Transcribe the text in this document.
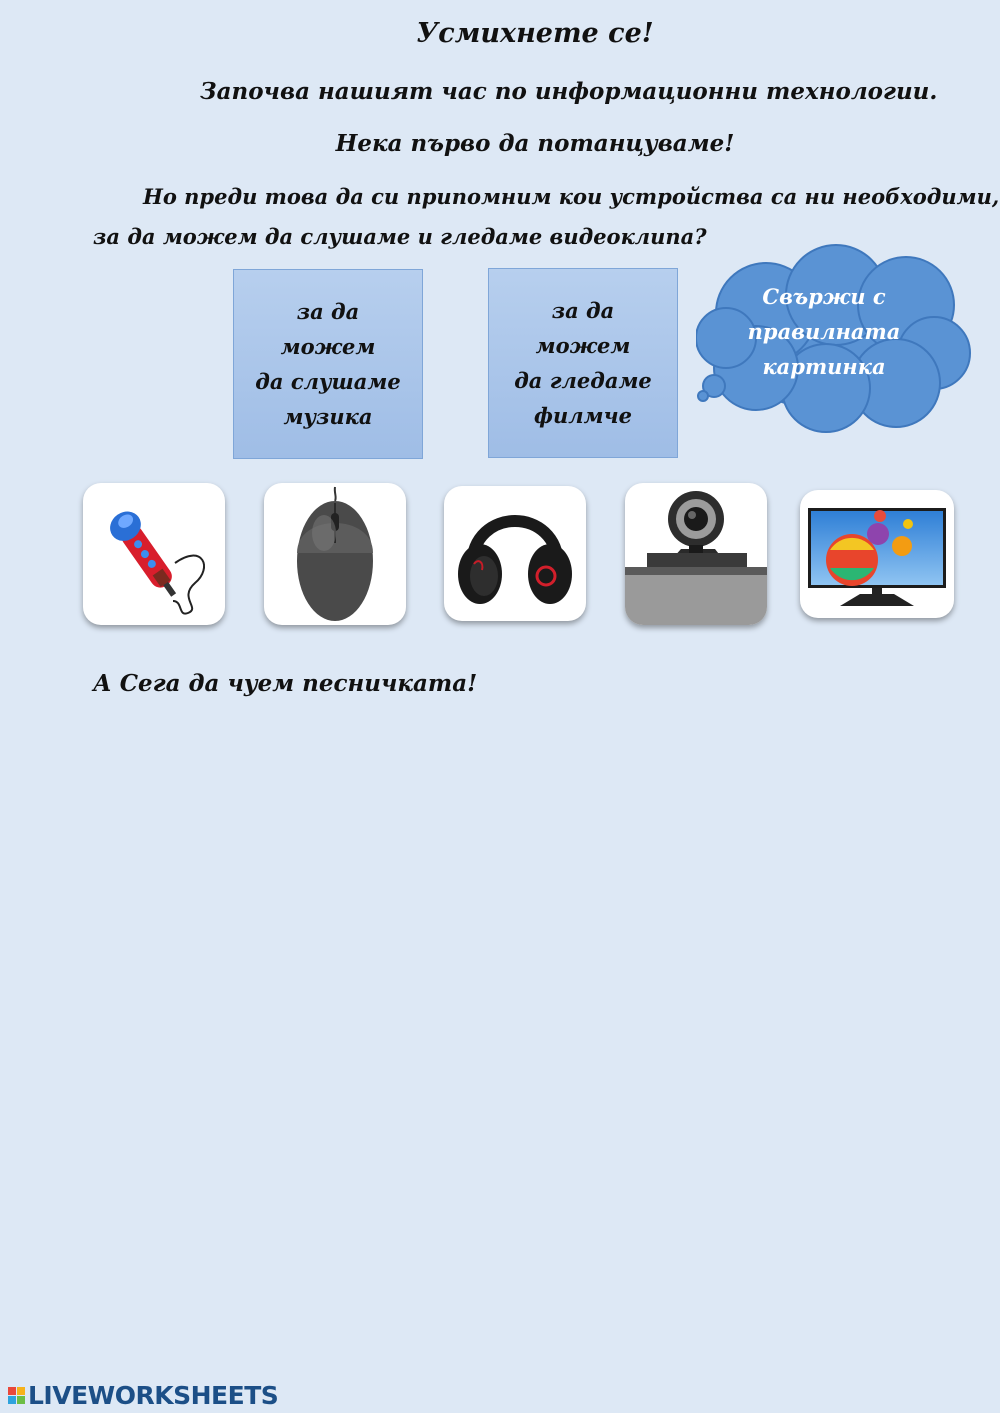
Усмихнете се!
Започва нашият час по информационни технологии.
Нека първо да потанцуваме!
Но преди това да си припомним кои устройства са ни необходими,
за да можем да слушаме и гледаме видеоклипа?
за да можем
да слушаме
музика
за да можем
да гледаме
филмче
Свържи с
правилната
картинка
А Сега да чуем песничката!
LIVEWORKSHEETS
